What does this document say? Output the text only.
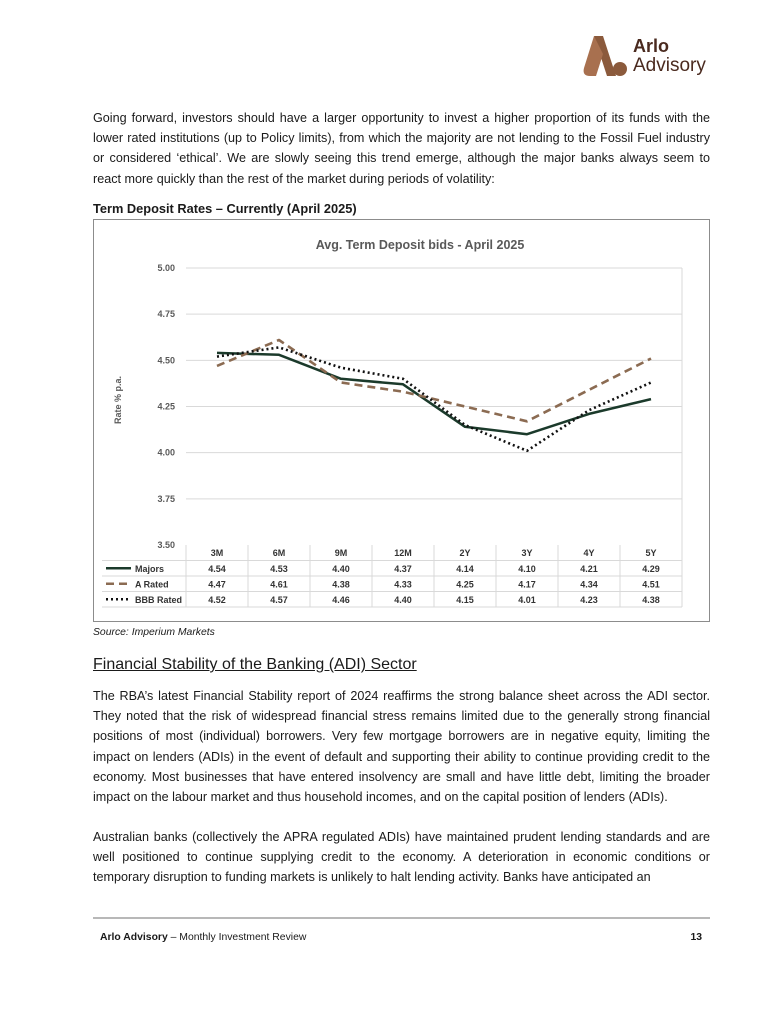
Arlo
Advisory

Going forward, investors should have a larger opportunity to invest a higher proportion of its funds with the lower rated institutions (up to Policy limits), from which the majority are not lending to the Fossil Fuel industry or considered ‘ethical’. We are slowly seeing this trend emerge, although the major banks always seem to react more quickly than the rest of the market during periods of volatility:

Term Deposit Rates – Currently (April 2025)

Avg. Term Deposit bids - April 2025
Rate % p.a.
5.00
4.75
4.50
4.25
4.00
3.75
3.50
3M	6M	9M	12M	2Y	3Y	4Y	5Y
Majors	4.54	4.53	4.40	4.37	4.14	4.10	4.21	4.29
A Rated	4.47	4.61	4.38	4.33	4.25	4.17	4.34	4.51
BBB Rated	4.52	4.57	4.46	4.40	4.15	4.01	4.23	4.38

Source: Imperium Markets

Financial Stability of the Banking (ADI) Sector

The RBA’s latest Financial Stability report of 2024 reaffirms the strong balance sheet across the ADI sector. They noted that the risk of widespread financial stress remains limited due to the generally strong financial positions of most (individual) borrowers. Very few mortgage borrowers are in negative equity, limiting the impact on lenders (ADIs) in the event of default and supporting their ability to continue providing credit to the economy. Most businesses that have entered insolvency are small and have little debt, limiting the broader impact on the labour market and thus household incomes, and on the capital position of lenders (ADIs).

Australian banks (collectively the APRA regulated ADIs) have maintained prudent lending standards and are well positioned to continue supplying credit to the economy. A deterioration in economic conditions or temporary disruption to funding markets is unlikely to halt lending activity. Banks have anticipated an

Arlo Advisory – Monthly Investment Review	13
